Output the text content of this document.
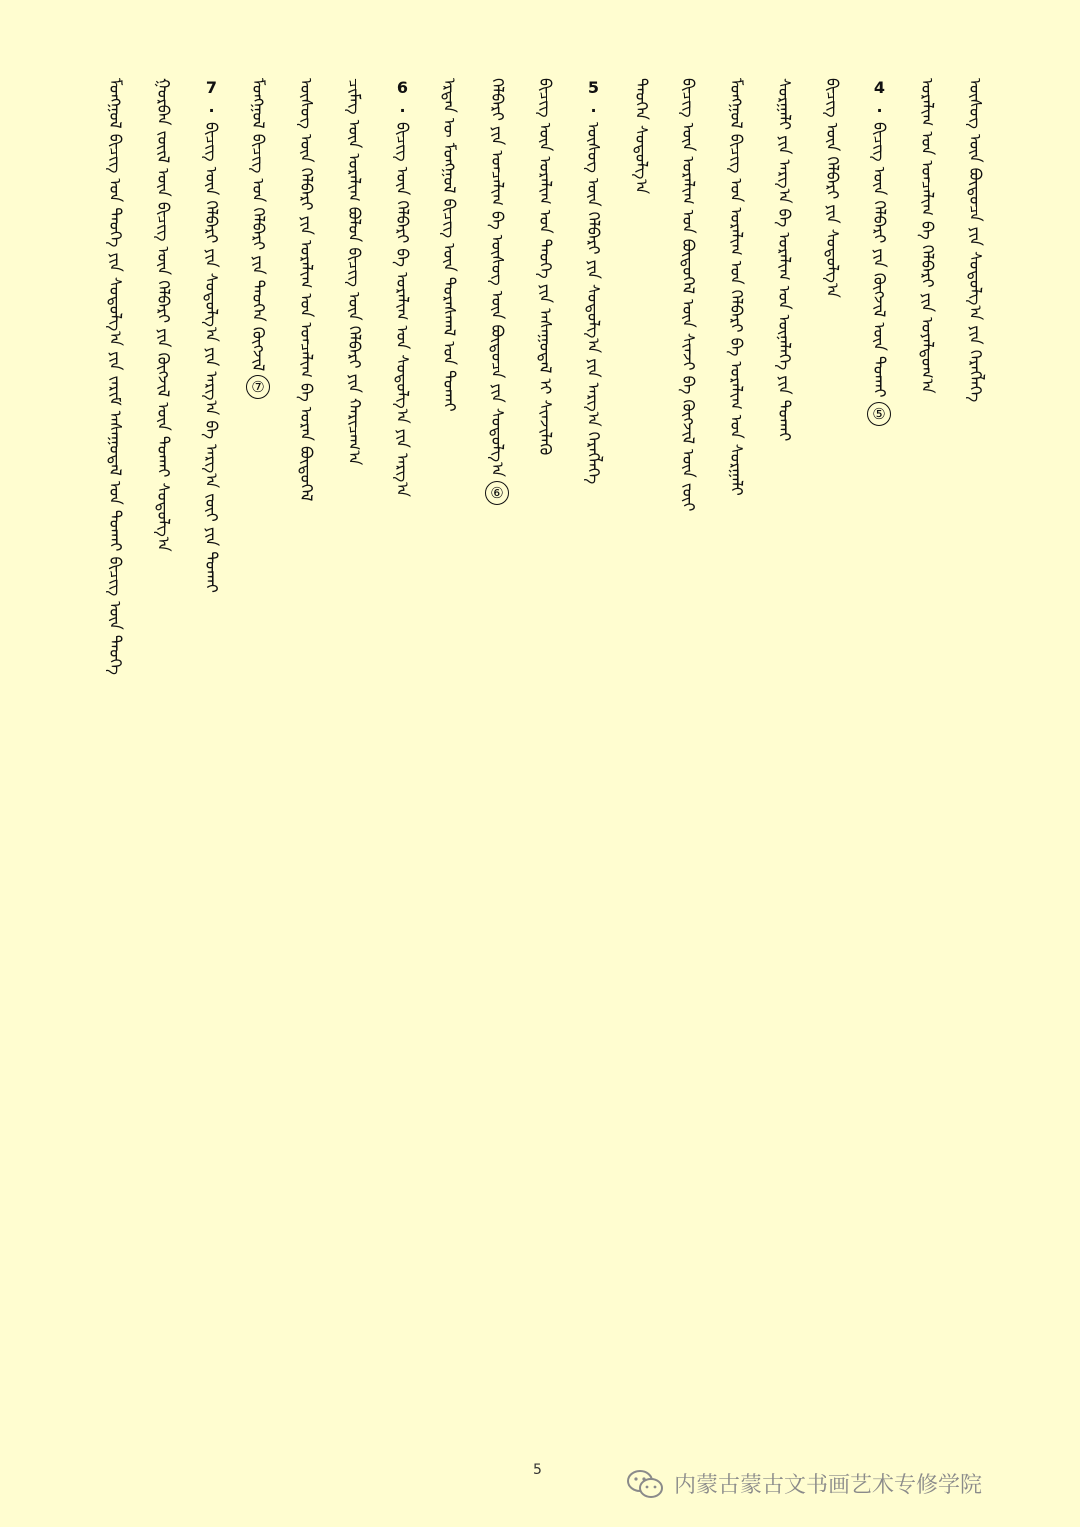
ᠮᠣᠩᠭᠣᠯ ᠪᠢᠴᠢᠭ ᠤᠨ ᠲᠡᠦᠬᠡ ᠶᠢᠨ ᠰᠤᠳᠤᠯᠭ᠎ᠠ ᠶᠢᠨ ᠵᠠᠷᠢᠮ ᠠᠰᠠᠭᠤᠳᠠᠯ ᠤᠨ ᠲᠤᠬᠠᠢ ᠪᠢᠴᠢᠭ ᠦᠨ ᠲᠡᠦᠬᠡ ᠭᠤᠷᠪᠠᠨ ᠵᠦᠢᠯ ᠦᠨ ᠪᠢᠴᠢᠭ ᠦᠨ ᠬᠡᠯᠪᠡᠷᠢ ᠶᠢᠨ ᠬᠥᠭᠵᠢᠯ ᠦᠨ ᠲᠤᠬᠠᠢ ᠰᠤᠳᠤᠯᠭ᠎ᠠ 7.ᠪᠢᠴᠢᠭ ᠦᠨ ᠬᠡᠯᠪᠡᠷᠢ ᠶᠢᠨ ᠰᠤᠳᠤᠯᠭ᠎ᠠ ᠶᠢᠨ ᠠᠷᠭ᠎ᠠ ᠪᠠ ᠠᠷᠭ᠎ᠠ ᠵᠦᠢ ᠶᠢᠨ ᠲᠤᠬᠠᠢ ᠮᠣᠩᠭᠣᠯ ᠪᠢᠴᠢᠭ ᠤᠨ ᠬᠡᠯᠪᠡᠷᠢ ᠶᠢᠨ ᠲᠡᠦᠬᠡᠨ ᠬᠥᠭᠵᠢᠯ⑦ ᠦᠰᠦᠭ ᠦᠨ ᠬᠡᠯᠪᠡᠷᠢ ᠶᠢᠨ ᠤᠷᠠᠯᠢᠭ ᠤᠨ ᠤᠨᠴᠠᠯᠢᠭ ᠪᠠ ᠤᠷᠠᠨ ᠪᠦᠲᠦᠭᠡᠯ ᠴᠢᠮᠡᠭ ᠦᠨ ᠤᠷᠠᠯᠢᠭ ᠪᠣᠯᠣᠨ ᠪᠢᠴᠢᠭ ᠦᠨ ᠬᠡᠯᠪᠡᠷᠢ ᠶᠢᠨ ᠬᠠᠷᠢᠴᠠᠭ᠎ᠠ 6.ᠪᠢᠴᠢᠭ ᠦᠨ ᠬᠡᠯᠪᠡᠷᠢ ᠪᠠ ᠤᠷᠠᠯᠢᠭ ᠤᠨ ᠰᠤᠳᠤᠯᠭ᠎ᠠ ᠶᠢᠨ ᠠᠷᠭ᠎ᠠ ᠡᠷᠲᠡᠨ ᠦ ᠮᠣᠩᠭᠣᠯ ᠪᠢᠴᠢᠭ ᠦᠨ ᠳᠤᠷᠠᠰᠬᠠᠯ ᠤᠨ ᠲᠤᠬᠠᠢ ᠬᠡᠯᠪᠡᠷᠢ ᠶᠢᠨ ᠤᠨᠴᠠᠯᠢᠭ ᠪᠠ ᠦᠰᠦᠭ ᠦᠨ ᠪᠦᠲᠦᠴᠡ ᠶᠢᠨ ᠰᠤᠳᠤᠯᠭ᠎ᠠ⑥
ᠪᠢᠴᠢᠭ ᠦᠨ ᠤᠷᠠᠯᠢᠭ ᠤᠨ ᠲᠡᠦᠬᠡ ᠶᠢᠨ ᠠᠰᠠᠭᠤᠳᠠᠯ ᠢ ᠰᠢᠨᠵᠢᠯᠡᠬᠦ 5.ᠦᠰᠦᠭ ᠦᠨ ᠬᠡᠯᠪᠡᠷᠢ ᠶᠢᠨ ᠰᠤᠳᠤᠯᠭ᠎ᠠ ᠶᠢᠨ ᠠᠷᠭ᠎ᠠ ᠬᠡᠷᠡᠭᠯᠡᠭᠡ ᠲᠡᠦᠬᠡᠨ ᠰᠤᠳᠤᠯᠭ᠎ᠠ ᠪᠢᠴᠢᠭ ᠦᠨ ᠤᠷᠠᠯᠢᠭ ᠤᠨ ᠪᠦᠲᠦᠭᠡᠯ ᠦᠨ ᠰᠢᠨᠵᠢ ᠪᠠ ᠬᠥᠭᠵᠢᠯ ᠦᠨ ᠵᠦᠢ ᠮᠣᠩᠭᠣᠯ ᠪᠢᠴᠢᠭ ᠤᠨ ᠤᠷᠠᠯᠢᠭ ᠤᠨ ᠬᠡᠯᠪᠡᠷᠢ ᠪᠠ ᠤᠷᠠᠯᠢᠭ ᠤᠨ ᠰᠤᠷᠭᠠᠯᠢ ᠰᠤᠷᠭᠠᠯᠢ ᠶᠢᠨ ᠠᠷᠭ᠎ᠠ ᠪᠠ ᠤᠷᠠᠯᠢᠭ ᠤᠨ ᠦᠨᠡᠯᠡᠭᠡ ᠶᠢᠨ ᠲᠤᠬᠠᠢ ᠪᠢᠴᠢᠭ ᠦᠨ ᠬᠡᠯᠪᠡᠷᠢ ᠶᠢᠨ ᠰᠤᠳᠤᠯᠭ᠎ᠠ 4.ᠪᠢᠴᠢᠭ ᠦᠨ ᠬᠡᠯᠪᠡᠷᠢ ᠶᠢᠨ ᠬᠥᠭᠵᠢᠯ ᠦᠨ ᠲᠤᠬᠠᠢ⑤
ᠤᠷᠠᠯᠢᠭ ᠤᠨ ᠤᠨᠴᠠᠯᠢᠭ ᠪᠠ ᠬᠡᠯᠪᠡᠷᠢ ᠶᠢᠨ ᠤᠶᠠᠯᠳᠤᠭ᠎ᠠ ᠦᠰᠦᠭ ᠦᠨ ᠪᠦᠲᠦᠴᠡ ᠶᠢᠨ ᠰᠤᠳᠤᠯᠭ᠎ᠠ ᠶᠢᠨ ᠬᠡᠷᠡᠭᠯᠡᠭᠡ
5
内蒙古蒙古文书画艺术专修学院
